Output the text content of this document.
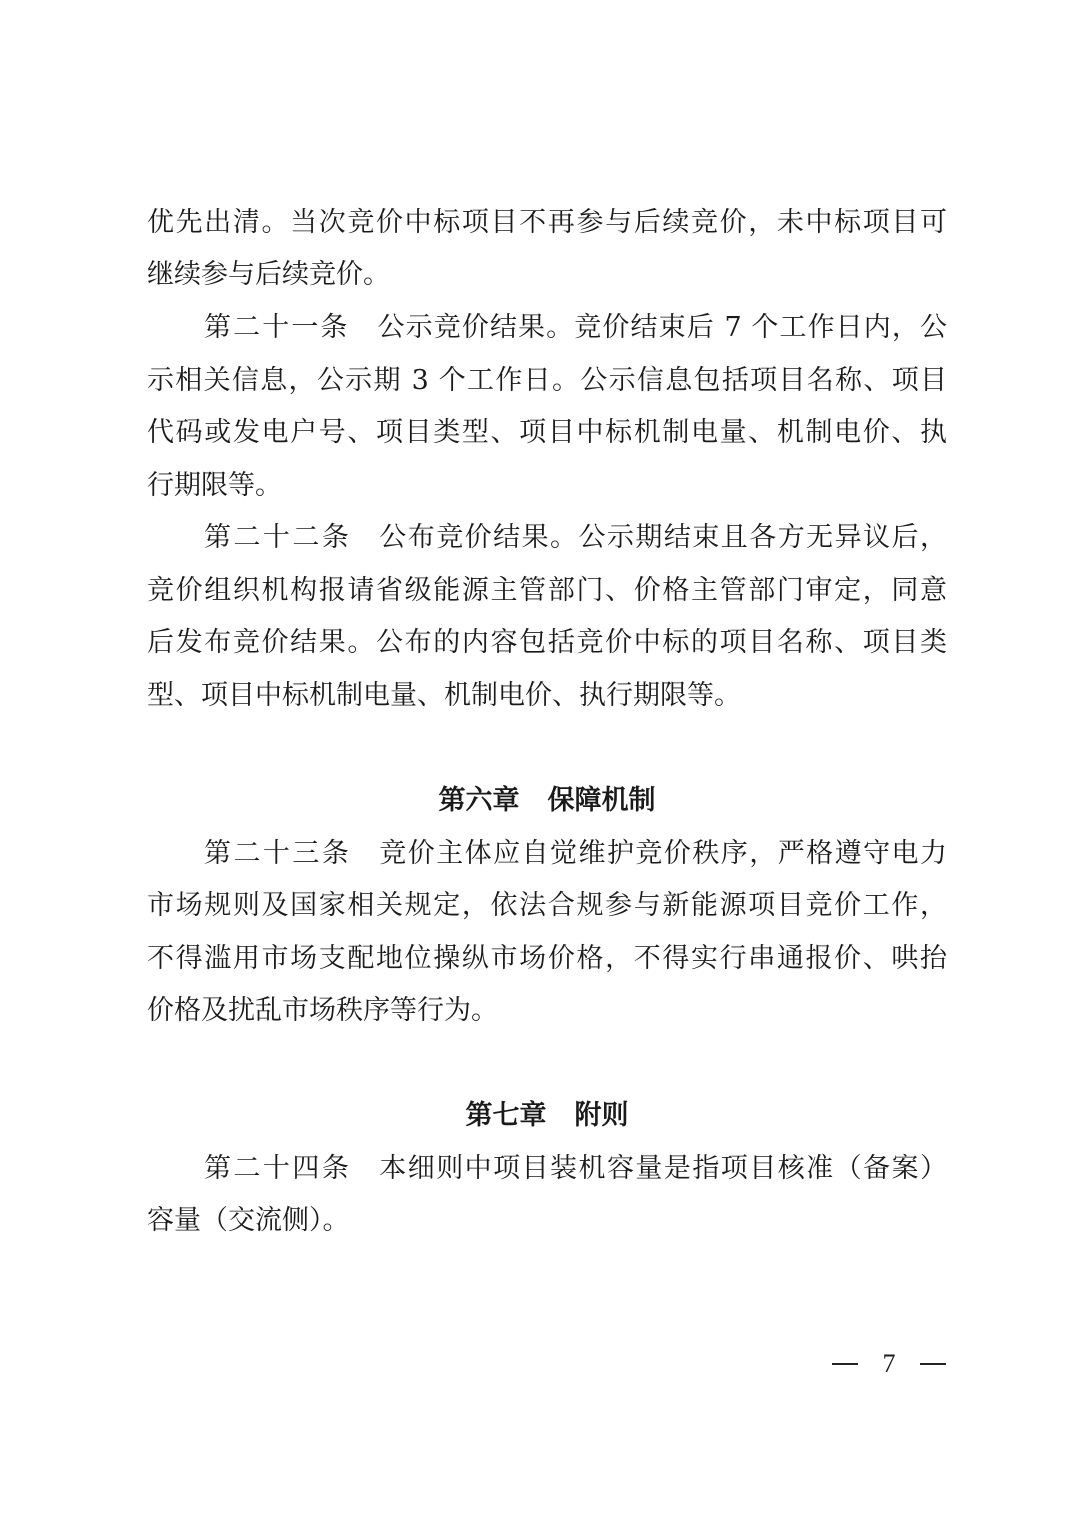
优先出清。当次竞价中标项目不再参与后续竞价，未中标项目可
继续参与后续竞价。
第二十一条 公示竞价结果。竞价结束后 7 个工作日内，公
示相关信息，公示期 3 个工作日。公示信息包括项目名称、项目
代码或发电户号、项目类型、项目中标机制电量、机制电价、执
行期限等。
第二十二条 公布竞价结果。公示期结束且各方无异议后，
竞价组织机构报请省级能源主管部门、价格主管部门审定，同意
后发布竞价结果。公布的内容包括竞价中标的项目名称、项目类
型、项目中标机制电量、机制电价、执行期限等。
第六章 保障机制
第二十三条 竞价主体应自觉维护竞价秩序，严格遵守电力
市场规则及国家相关规定，依法合规参与新能源项目竞价工作，
不得滥用市场支配地位操纵市场价格，不得实行串通报价、哄抬
价格及扰乱市场秩序等行为。
第七章 附则
第二十四条 本细则中项目装机容量是指项目核准（备案）
容量（交流侧）。
7
